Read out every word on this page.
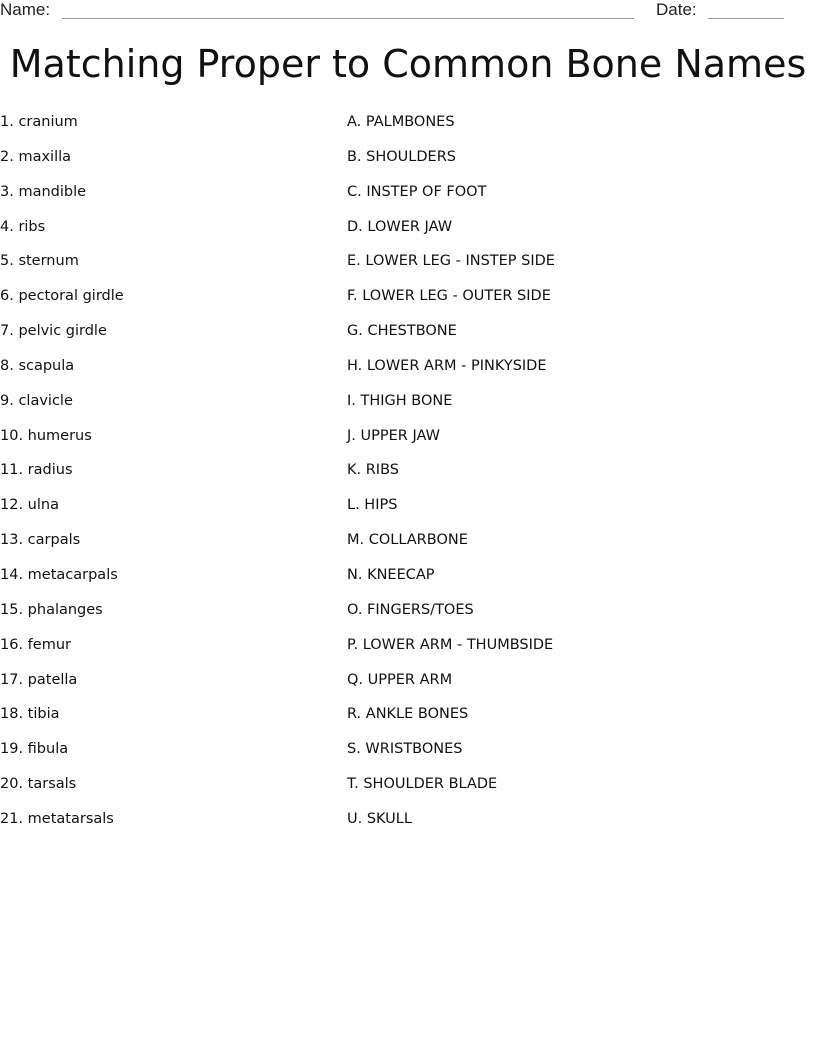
Name:	Date:
Matching Proper to Common Bone Names
1. cranium
2. maxilla
3. mandible
4. ribs
5. sternum
6. pectoral girdle
7. pelvic girdle
8. scapula
9. clavicle
10. humerus
11. radius
12. ulna
13. carpals
14. metacarpals
15. phalanges
16. femur
17. patella
18. tibia
19. fibula
20. tarsals
21. metatarsals
A. PALMBONES
B. SHOULDERS
C. INSTEP OF FOOT
D. LOWER JAW
E. LOWER LEG - INSTEP SIDE
F. LOWER LEG - OUTER SIDE
G. CHESTBONE
H. LOWER ARM - PINKYSIDE
I. THIGH BONE
J. UPPER JAW
K. RIBS
L. HIPS
M. COLLARBONE
N. KNEECAP
O. FINGERS/TOES
P. LOWER ARM - THUMBSIDE
Q. UPPER ARM
R. ANKLE BONES
S. WRISTBONES
T. SHOULDER BLADE
U. SKULL
